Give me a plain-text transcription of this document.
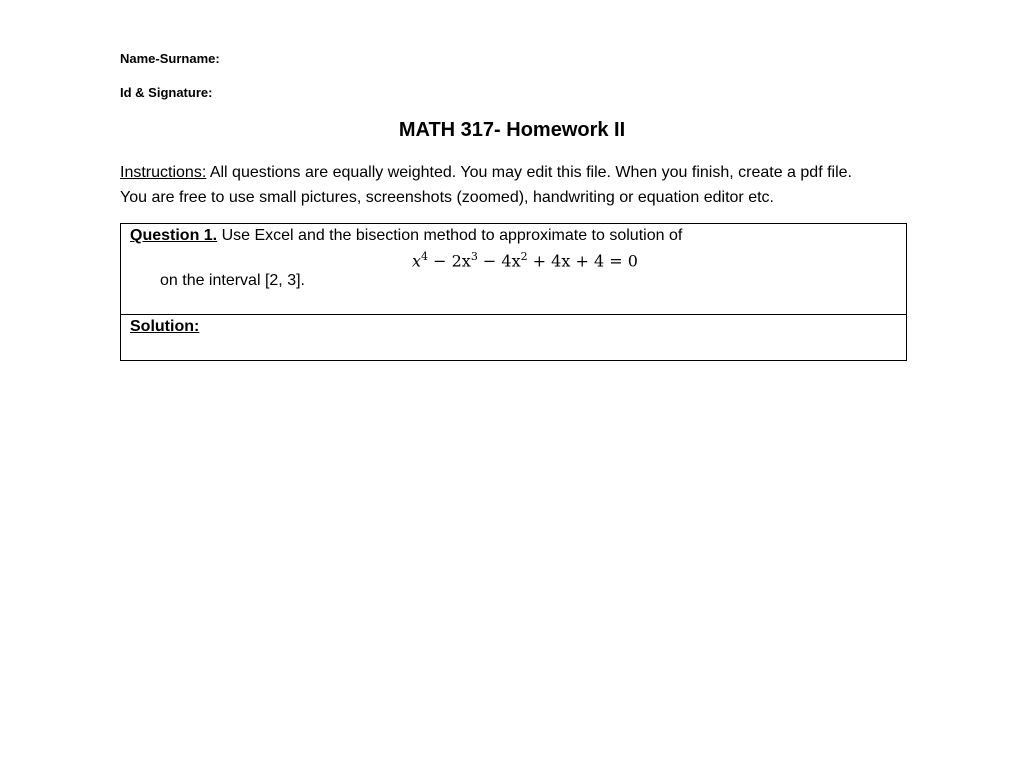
Name-Surname:
Id & Signature:
MATH 317- Homework II
Instructions: All questions are equally weighted. You may edit this file. When you finish, create a pdf file.
You are free to use small pictures, screenshots (zoomed), handwriting or equation editor etc.
Question 1. Use Excel and the bisection method to approximate to solution of
$x^4 - 2x^3 - 4x^2 + 4x + 4 = 0$
on the interval [2, 3].
Solution:
